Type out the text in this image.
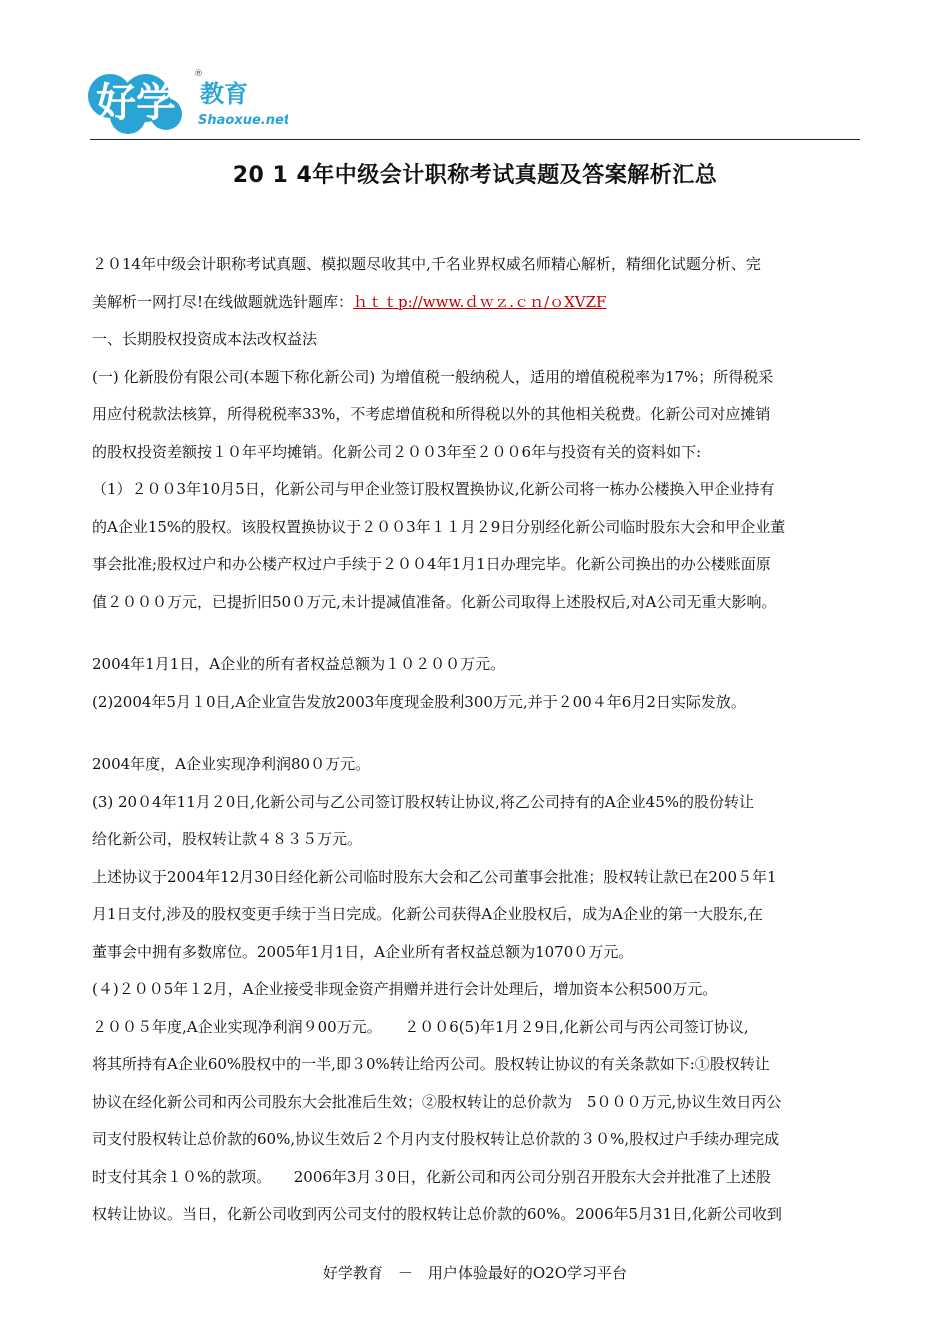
好学 教育
Shaoxue.net
®
20 1 4年中级会计职称考试真题及答案解析汇总
２０14年中级会计职称考试真题、模拟题尽收其中,千名业界权威名师精心解析，精细化试题分析、完
美解析一网打尽!在线做题就选针题库：ｈｔｔp://www.ｄｗｚ.ｃｎ/ｏXVZF
一、长期股权投资成本法改权益法
(一) 化新股份有限公司(本题下称化新公司) 为增值税一般纳税人，适用的增值税税率为17%；所得税采
用应付税款法核算，所得税税率33%，不考虑增值税和所得税以外的其他相关税费。化新公司对应摊销
的股权投资差额按１０年平均摊销。化新公司２００3年至２００6年与投资有关的资料如下:
（1）２００3年10月5日，化新公司与甲企业签订股权置换协议,化新公司将一栋办公楼换入甲企业持有
的A企业15%的股权。该股权置换协议于２００3年１１月２9日分别经化新公司临时股东大会和甲企业董
事会批准;股权过户和办公楼产权过户手续于２００4年1月1日办理完毕。化新公司换出的办公楼账面原
值２０００万元，已提折旧50０万元,未计提减值准备。化新公司取得上述股权后,对A公司无重大影响。
2004年1月1日，A企业的所有者权益总额为１０２００万元。
(2)2004年5月１0日,A企业宣告发放2003年度现金股利300万元,并于２00４年6月2日实际发放。
2004年度，A企业实现净利润80０万元。
(3) 20０4年11月２0日,化新公司与乙公司签订股权转让协议,将乙公司持有的A企业45%的股份转让
给化新公司，股权转让款４８３５万元。
上述协议于2004年12月30日经化新公司临时股东大会和乙公司董事会批准；股权转让款已在200５年1
月1日支付,涉及的股权变更手续于当日完成。化新公司获得A企业股权后，成为A企业的第一大股东,在
董事会中拥有多数席位。2005年1月1日，A企业所有者权益总额为1070０万元。
(４)２００5年１2月，A企业接受非现金资产捐赠并进行会计处理后，增加资本公积500万元。
２００５年度,A企业实现净利润９00万元。　　２００6(5)年1月２9日,化新公司与丙公司签订协议,
将其所持有A企业60%股权中的一半,即３0%转让给丙公司。股权转让协议的有关条款如下:①股权转让
协议在经化新公司和丙公司股东大会批准后生效；②股权转让的总价款为　5０００万元,协议生效日丙公
司支付股权转让总价款的60%,协议生效后２个月内支付股权转让总价款的３０%,股权过户手续办理完成
时支付其余１０%的款项。　　2006年3月３0日，化新公司和丙公司分别召开股东大会并批准了上述股
权转让协议。当日，化新公司收到丙公司支付的股权转让总价款的60%。2006年5月31日,化新公司收到
好学教育　－　用户体验最好的O2O学习平台
